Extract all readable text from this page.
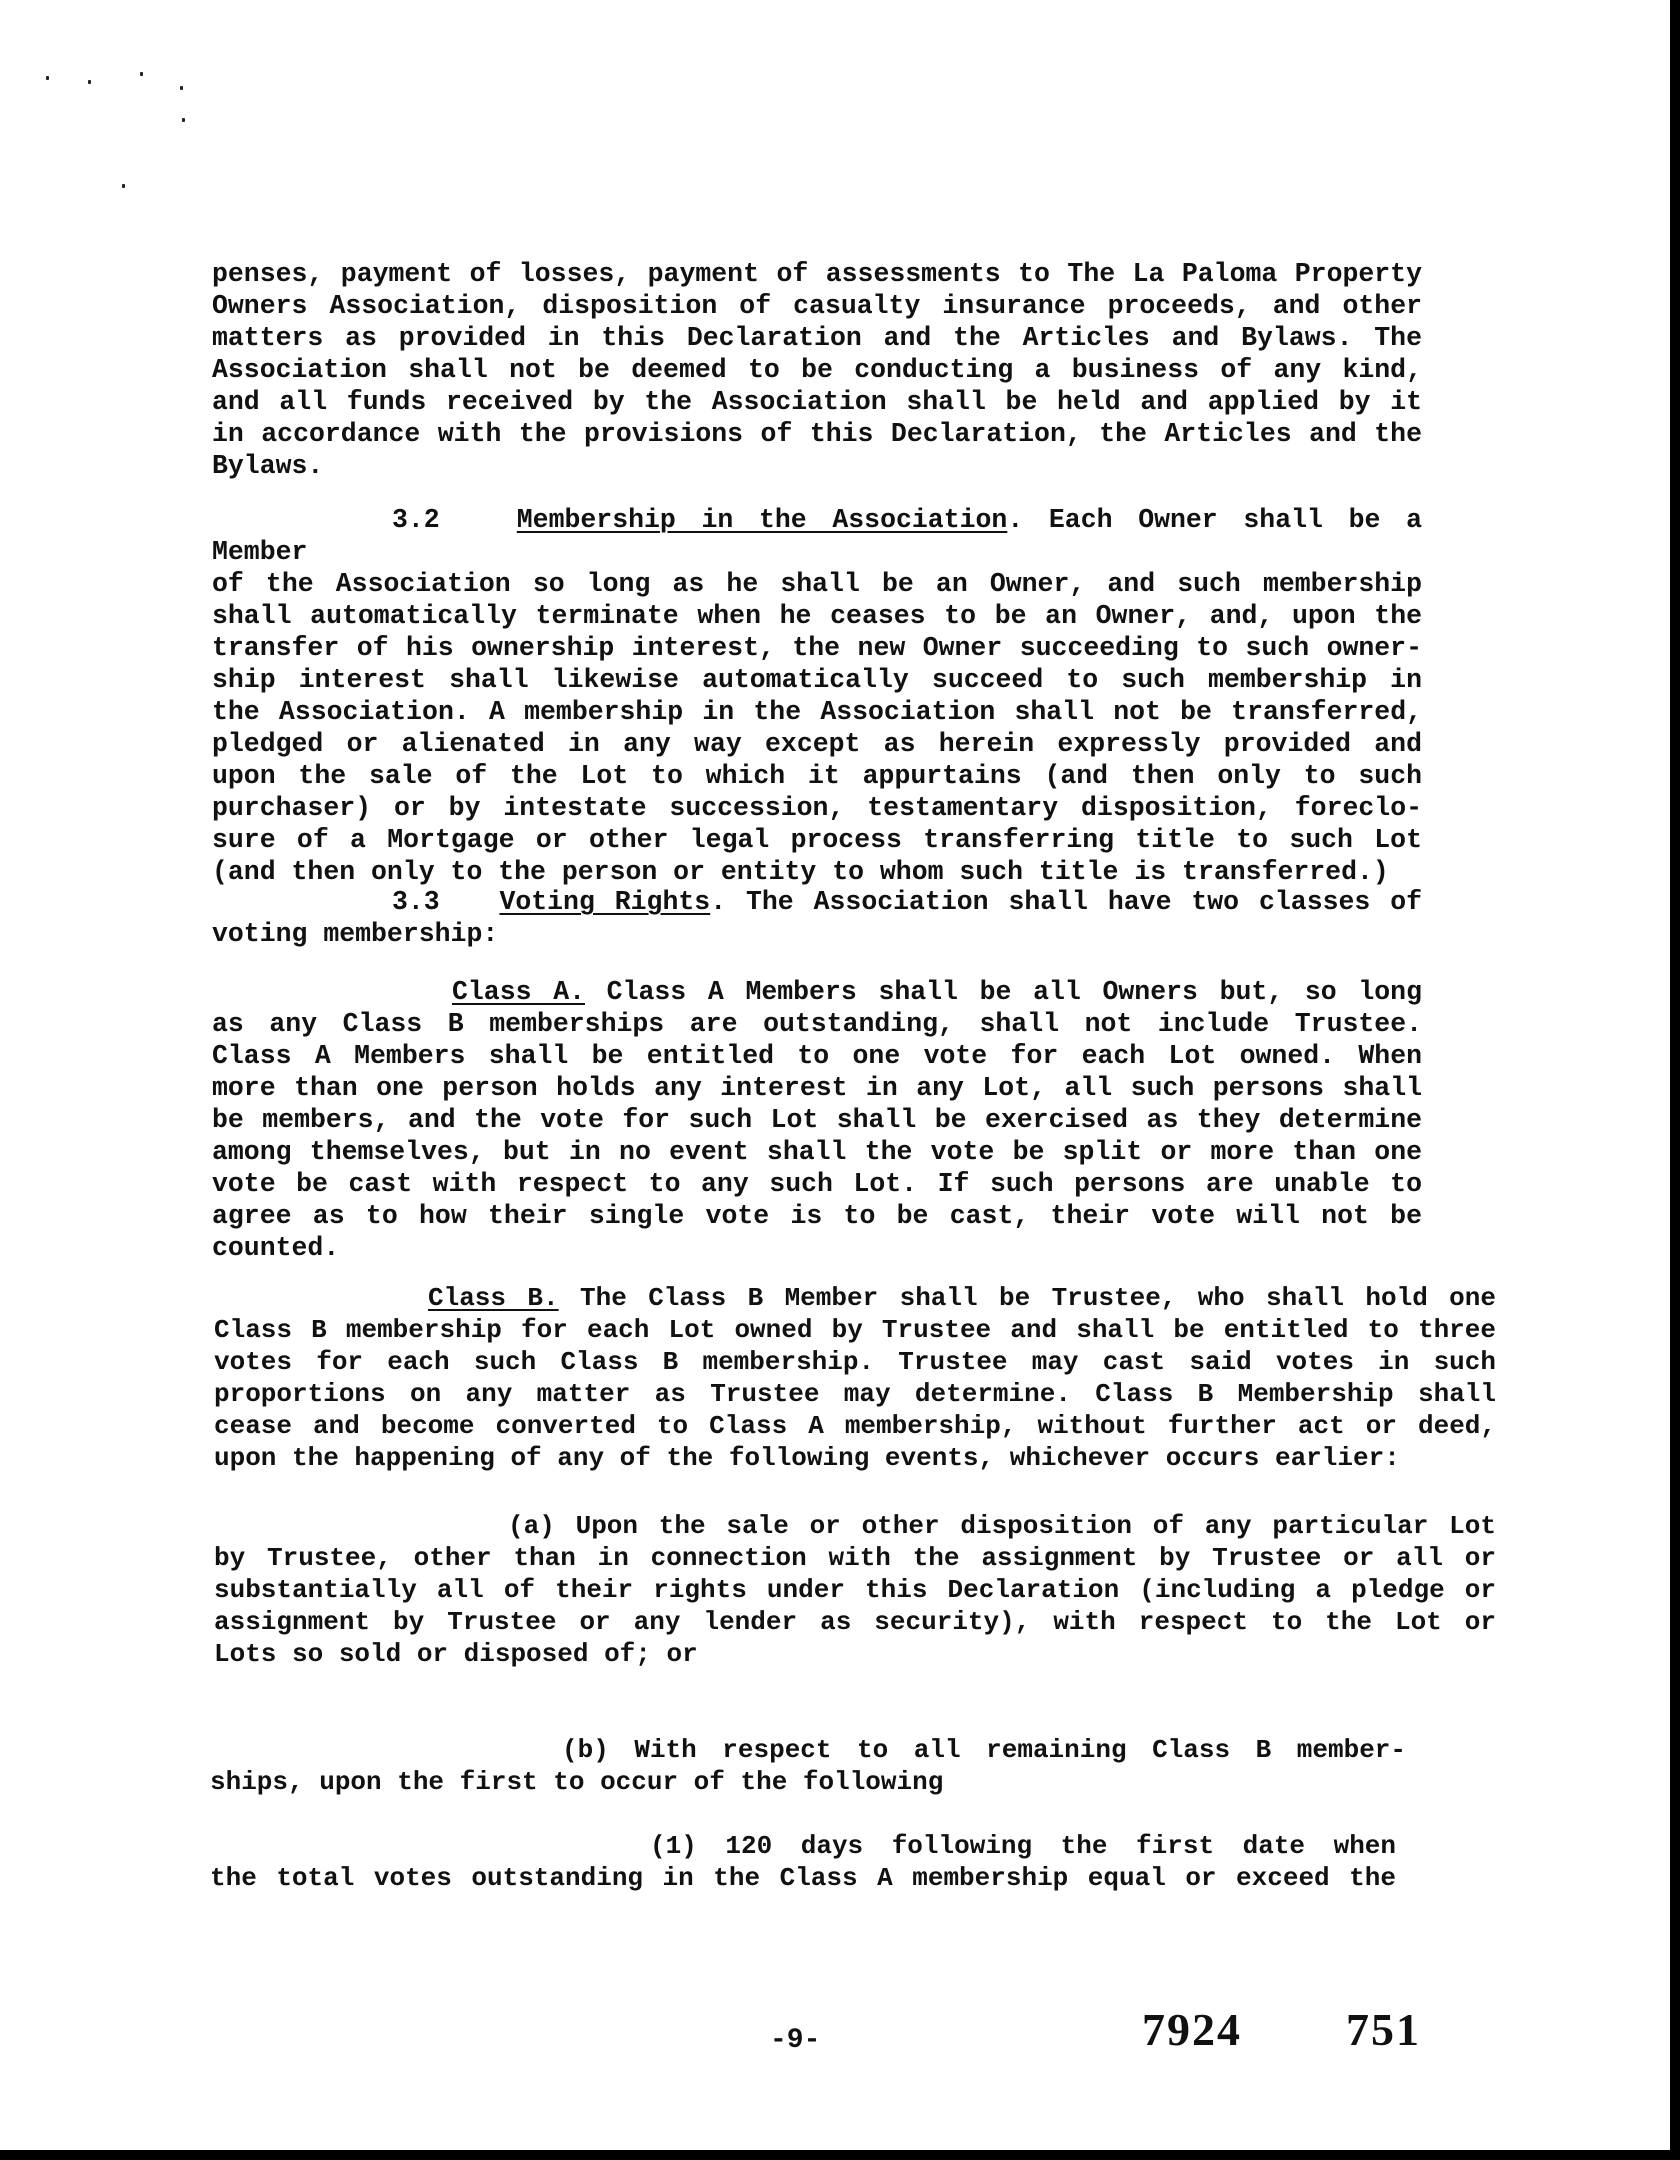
penses, payment of losses, payment of assessments to The La Paloma Property
Owners Association, disposition of casualty insurance proceeds, and other
matters as provided in this Declaration and the Articles and Bylaws. The
Association shall not be deemed to be conducting a business of any kind,
and all funds received by the Association shall be held and applied by it
in accordance with the provisions of this Declaration, the Articles and the
Bylaws.
3.2	Membership in the Association. Each Owner shall be a Member
of the Association so long as he shall be an Owner, and such membership
shall automatically terminate when he ceases to be an Owner, and, upon the
transfer of his ownership interest, the new Owner succeeding to such owner-
ship interest shall likewise automatically succeed to such membership in
the Association. A membership in the Association shall not be transferred,
pledged or alienated in any way except as herein expressly provided and
upon the sale of the Lot to which it appurtains (and then only to such
purchaser) or by intestate succession, testamentary disposition, foreclo-
sure of a Mortgage or other legal process transferring title to such Lot
(and then only to the person or entity to whom such title is transferred.)
3.3 Voting Rights. The Association shall have two classes of
voting membership:
Class A. Class A Members shall be all Owners but, so long
as any Class B memberships are outstanding, shall not include Trustee.
Class A Members shall be entitled to one vote for each Lot owned. When
more than one person holds any interest in any Lot, all such persons shall
be members, and the vote for such Lot shall be exercised as they determine
among themselves, but in no event shall the vote be split or more than one
vote be cast with respect to any such Lot. If such persons are unable to
agree as to how their single vote is to be cast, their vote will not be
counted.
Class B. The Class B Member shall be Trustee, who shall hold one
Class B membership for each Lot owned by Trustee and shall be entitled to three
votes for each such Class B membership. Trustee may cast said votes in such
proportions on any matter as Trustee may determine. Class B Membership shall
cease and become converted to Class A membership, without further act or deed,
upon the happening of any of the following events, whichever occurs earlier:
(a) Upon the sale or other disposition of any particular Lot
by Trustee, other than in connection with the assignment by Trustee or all or
substantially all of their rights under this Declaration (including a pledge or
assignment by Trustee or any lender as security), with respect to the Lot or
Lots so sold or disposed of; or
(b) With respect to all remaining Class B member-
ships, upon the first to occur of the following
(1) 120 days following the first date when
the total votes outstanding in the Class A membership equal or exceed the
-9-	7924 751
